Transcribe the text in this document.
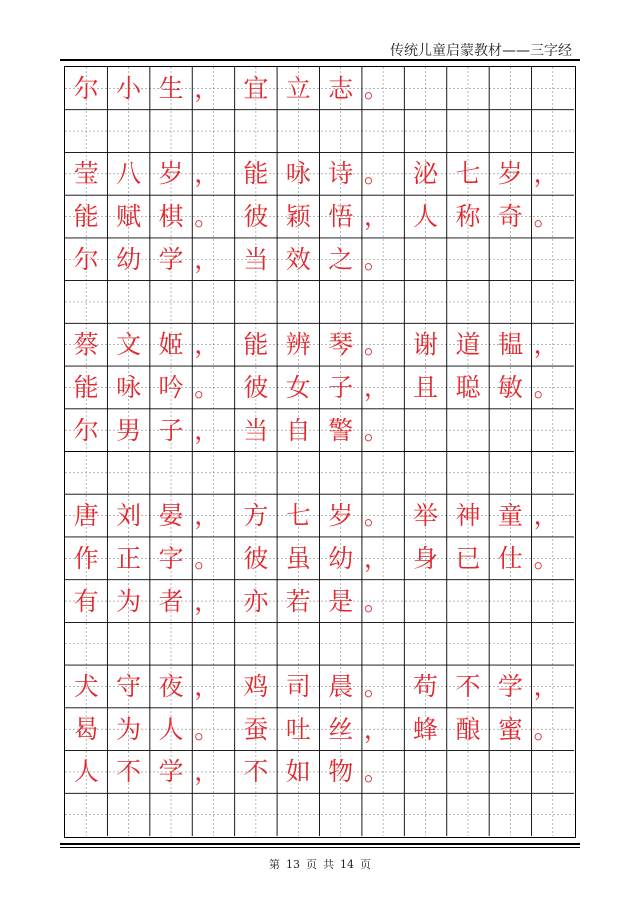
传统儿童启蒙教材——三字经
尔 小 生 ， 宜 立 志 。
莹 八 岁 ， 能 咏 诗 。 泌 七 岁 ，
能 赋 棋 。 彼 颖 悟 ， 人 称 奇 。
尔 幼 学 ， 当 效 之 。
蔡 文 姬 ， 能 辨 琴 。 谢 道 韫 ，
能 咏 吟 。 彼 女 子 ， 且 聪 敏 。
尔 男 子 ， 当 自 警 。
唐 刘 晏 ， 方 七 岁 。 举 神 童 ，
作 正 字 。 彼 虽 幼 ， 身 已 仕 。
有 为 者 ， 亦 若 是 。
犬 守 夜 ， 鸡 司 晨 。 苟 不 学 ，
曷 为 人 。 蚕 吐 丝 ， 蜂 酿 蜜 。
人 不 学 ， 不 如 物 。
第 13 页 共 14 页
